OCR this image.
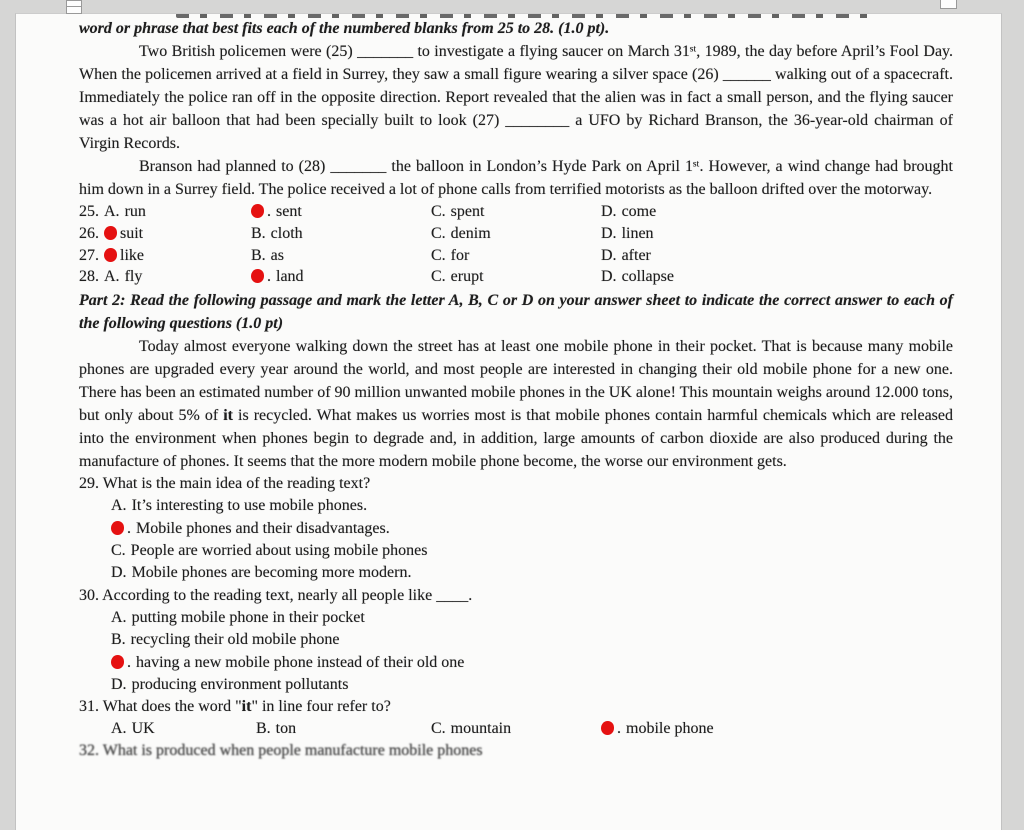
word or phrase that best fits each of the numbered blanks from 25 to 28. (1.0 pt).

Two British policemen were (25) _______ to investigate a flying saucer on March 31ˢᵗ, 1989, the day before April’s Fool Day. When the policemen arrived at a field in Surrey, they saw a small figure wearing a silver space (26) ______ walking out of a spacecraft. Immediately the police ran off in the opposite direction. Report revealed that the alien was in fact a small person, and the flying saucer was a hot air balloon that had been specially built to look (27) ________ a UFO by Richard Branson, the 36-year-old chairman of Virgin Records.

Branson had planned to (28) _______ the balloon in London’s Hyde Park on April 1ˢᵗ. However, a wind change had brought him down in a Surrey field. The police received a lot of phone calls from terrified motorists as the balloon drifted over the motorway.

25. A. run	. sent	C. spent	D. come
26. suit	B. cloth	C. denim	D. linen
27. like	B. as	C. for	D. after
28. A. fly	. land	C. erupt	D. collapse

Part 2: Read the following passage and mark the letter A, B, C or D on your answer sheet to indicate the correct answer to each of the following questions (1.0 pt)

Today almost everyone walking down the street has at least one mobile phone in their pocket. That is because many mobile phones are upgraded every year around the world, and most people are interested in changing their old mobile phone for a new one. There has been an estimated number of 90 million unwanted mobile phones in the UK alone! This mountain weighs around 12.000 tons, but only about 5% of it is recycled. What makes us worries most is that mobile phones contain harmful chemicals which are released into the environment when phones begin to degrade and, in addition, large amounts of carbon dioxide are also produced during the manufacture of phones. It seems that the more modern mobile phone become, the worse our environment gets.

29. What is the main idea of the reading text?
A. It’s interesting to use mobile phones.
. Mobile phones and their disadvantages.
C. People are worried about using mobile phones
D. Mobile phones are becoming more modern.
30. According to the reading text, nearly all people like ____.
A. putting mobile phone in their pocket
B. recycling their old mobile phone
. having a new mobile phone instead of their old one
D. producing environment pollutants
31. What does the word "it" in line four refer to?
A. UK	B. ton	C. mountain	. mobile phone
32. What is produced when people manufacture mobile phones
